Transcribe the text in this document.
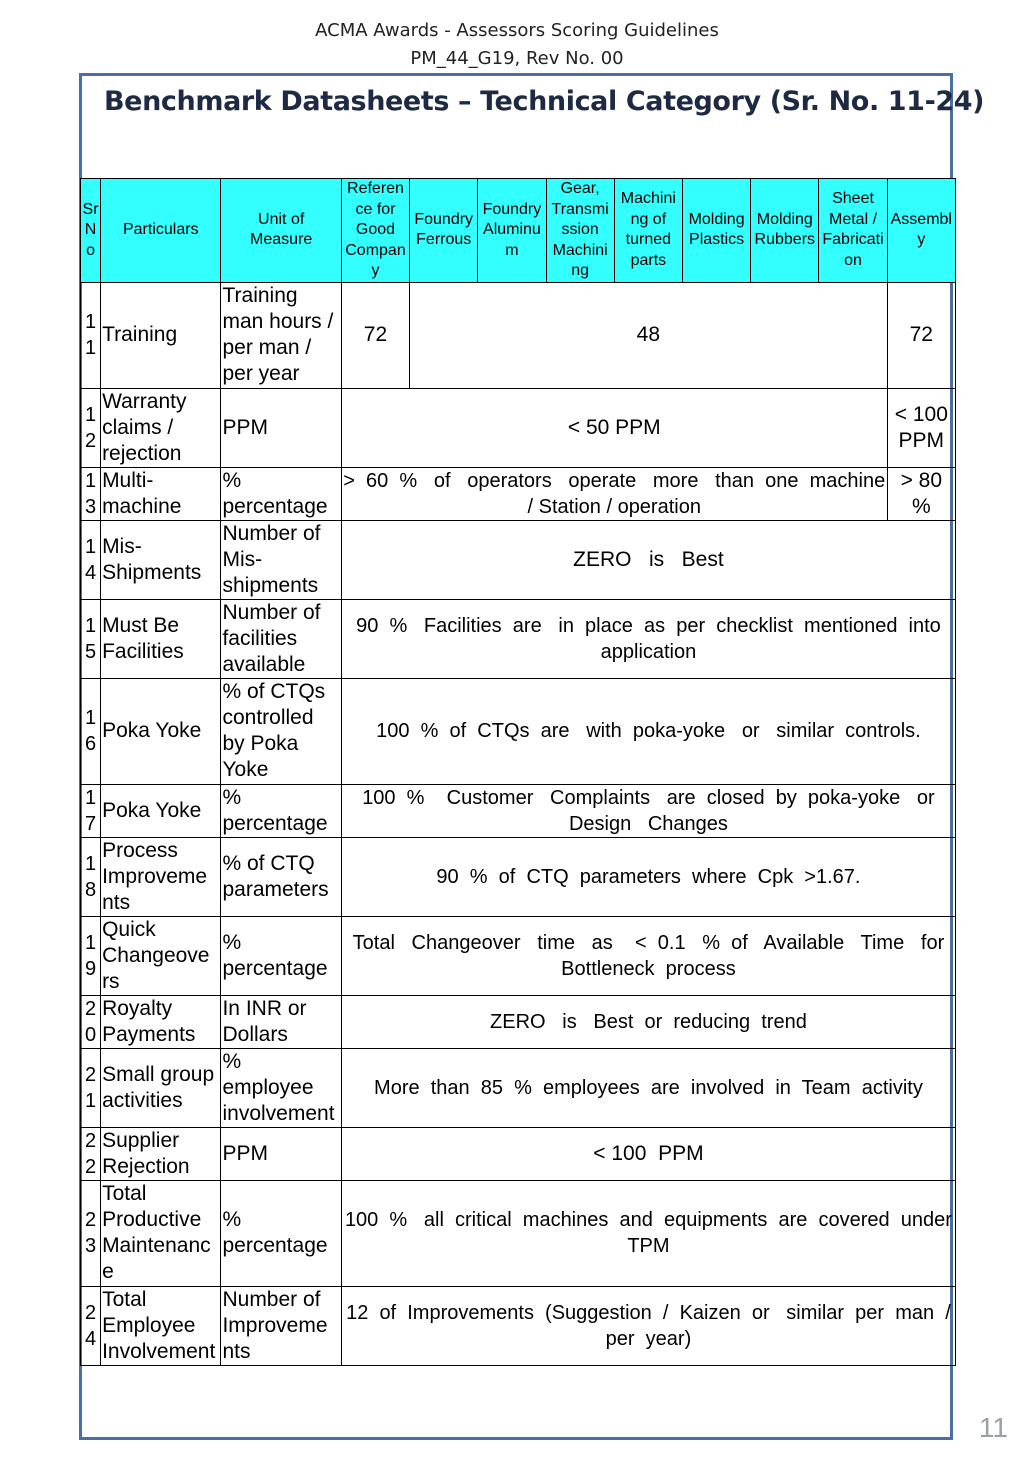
ACMA Awards - Assessors Scoring Guidelines
PM_44_G19, Rev No. 00
Benchmark Datasheets – Technical Category (Sr. No. 11-24)
Sr
N
o	Particulars	Unit of
Measure	Referen
ce for
Good
Compan
y	Foundry
Ferrous	Foundry
Aluminu
m	Gear,
Transmi
ssion
Machini
ng	Machini
ng of
turned
parts	Molding
Plastics	Molding
Rubbers	Sheet
Metal /
Fabricati
on	Assembl
y

1
1	Training	Training
man hours /
per man /
per year	72	48							72

1
2	Warranty
claims /
rejection	PPM	< 50 PPM								< 100
PPM

1
3	Multi-
machine	%
percentage	>  60  %   of   operators   operate   more   than  one  machine
/ Station / operation								> 80
%

1
4	Mis-
Shipments	Number of
Mis-
shipments	ZERO   is   Best								

1
5	Must Be
Facilities	Number of
facilities
available	90  %   Facilities  are   in  place  as  per  checklist  mentioned  into
application								

1
6	Poka Yoke	% of CTQs
controlled
by Poka
Yoke	100  %  of  CTQs  are   with  poka-yoke   or   similar  controls.								

1
7	Poka Yoke	%
percentage	100  %    Customer   Complaints   are  closed  by  poka-yoke   or
Design   Changes								

1
8	Process
Improveme
nts	% of CTQ
parameters	90  %  of  CTQ  parameters  where  Cpk  >1.67.								

1
9	Quick
Changeove
rs	%
percentage	Total   Changeover   time   as    <  0.1   %  of   Available   Time   for
Bottleneck  process								

2
0	Royalty
Payments	In INR or
Dollars	ZERO   is   Best  or  reducing  trend								

2
1	Small group
activities	%
employee
involvement	More  than  85  %  employees  are  involved  in  Team  activity								

2
2	Supplier
Rejection	PPM	< 100  PPM								

2
3	Total
Productive
Maintenanc
e	%
percentage	100  %   all  critical  machines  and  equipments  are  covered  under
TPM								

2
4	Total
Employee
Involvement	Number of
Improveme
nts	12  of  Improvements  (Suggestion  /  Kaizen  or   similar  per  man  /
per  year)								
11
